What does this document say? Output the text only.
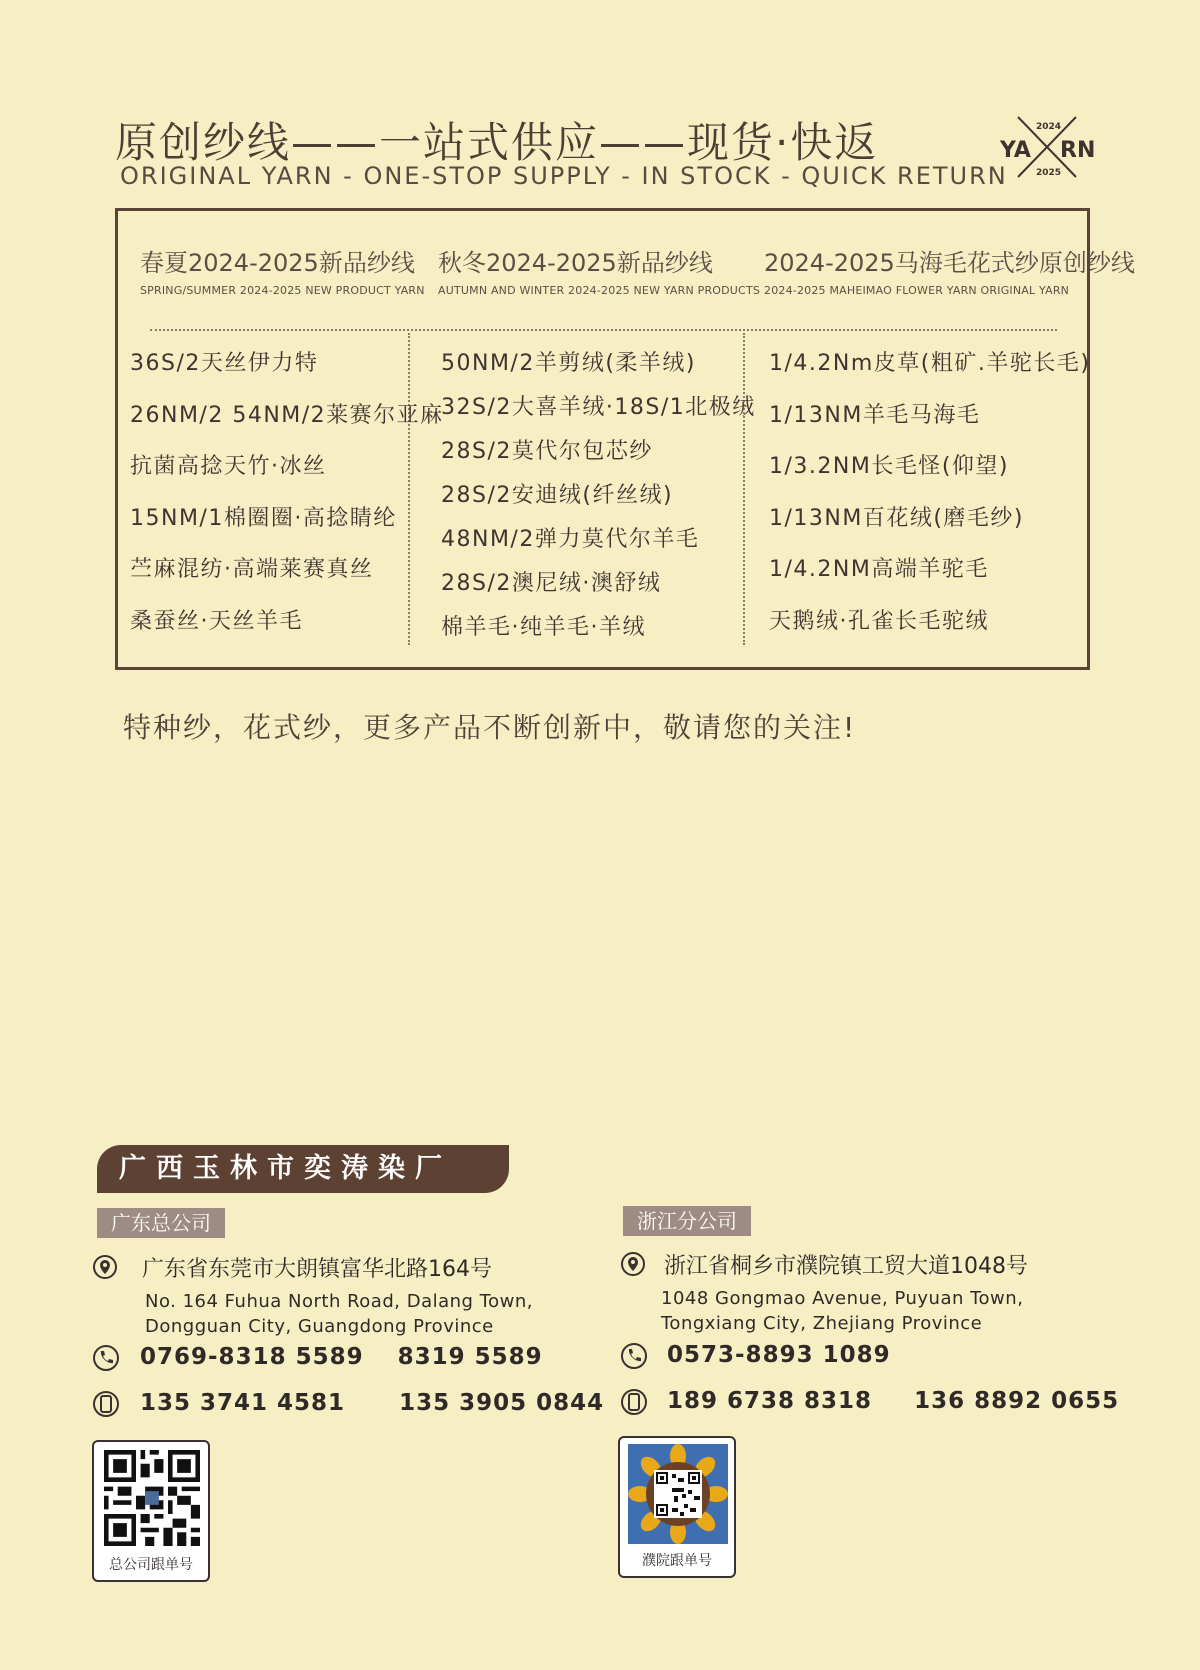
原创纱线——一站式供应——现货·快返
ORIGINAL YARN - ONE-STOP SUPPLY - IN STOCK - QUICK RETURN
YA RN
2024
2025
春夏2024-2025新品纱线
SPRING/SUMMER 2024-2025 NEW PRODUCT YARN
秋冬2024-2025新品纱线
AUTUMN AND WINTER 2024-2025 NEW YARN PRODUCTS
2024-2025马海毛花式纱原创纱线
2024-2025 MAHEIMAO FLOWER YARN ORIGINAL YARN
36S/2天丝伊力特
26NM/2 54NM/2莱赛尔亚麻
抗菌高捻天竹·冰丝
15NM/1棉圈圈·高捻睛纶
苎麻混纺·高端莱赛真丝
桑蚕丝·天丝羊毛
50NM/2羊剪绒(柔羊绒)
32S/2大喜羊绒·18S/1北极绒
28S/2莫代尔包芯纱
28S/2安迪绒(纤丝绒)
48NM/2弹力莫代尔羊毛
28S/2澳尼绒·澳舒绒
棉羊毛·纯羊毛·羊绒
1/4.2Nm皮草(粗矿.羊驼长毛)
1/13NM羊毛马海毛
1/3.2NM长毛怪(仰望)
1/13NM百花绒(磨毛纱)
1/4.2NM高端羊驼毛
天鹅绒·孔雀长毛驼绒
特种纱，花式纱，更多产品不断创新中，敬请您的关注!
广西玉林市奕涛染厂
广东总公司
广东省东莞市大朗镇富华北路164号
No. 164 Fuhua North Road, Dalang Town,
Dongguan City, Guangdong Province
0769-8318 5589 8319 5589
135 3741 4581 135 3905 0844
总公司跟单号
浙江分公司
浙江省桐乡市濮院镇工贸大道1048号
1048 Gongmao Avenue, Puyuan Town,
Tongxiang City, Zhejiang Province
0573-8893 1089
189 6738 8318 136 8892 0655
濮院跟单号
